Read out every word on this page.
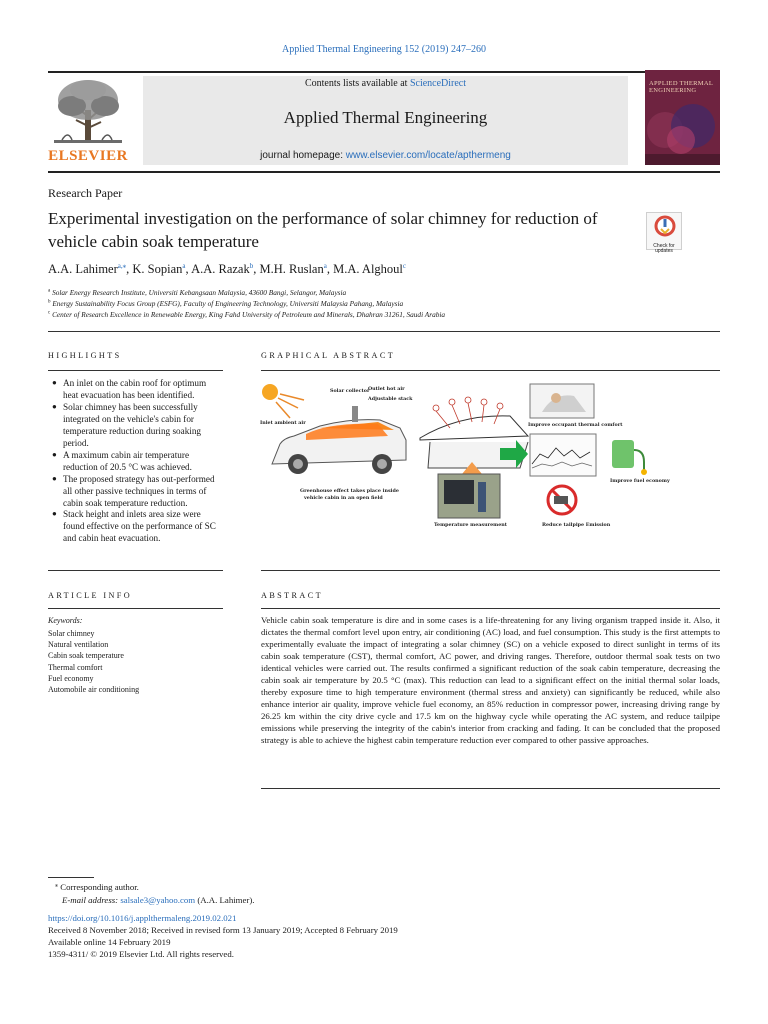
Applied Thermal Engineering 152 (2019) 247–260
ELSEVIER
Contents lists available at ScienceDirect
Applied Thermal Engineering
journal homepage: www.elsevier.com/locate/apthermeng
APPLIED THERMAL ENGINEERING
Research Paper
Experimental investigation on the performance of solar chimney for reduction of vehicle cabin soak temperature	Check for updates
A.A. Lahimer$^{a,⁎}$, K. Sopian$^a$, A.A. Razak$^b$, M.H. Ruslan$^a$, M.A. Alghoul$^c$
$^a$ Solar Energy Research Institute, Universiti Kebangsaan Malaysia, 43600 Bangi, Selangor, Malaysia
$^b$ Energy Sustainability Focus Group (ESFG), Faculty of Engineering Technology, Universiti Malaysia Pahang, Malaysia
$^c$ Center of Research Excellence in Renewable Energy, King Fahd University of Petroleum and Minerals, Dhahran 31261, Saudi Arabia
HIGHLIGHTS
● An inlet on the cabin roof for optimum heat evacuation has been identified.
● Solar chimney has been successfully integrated on the vehicle's cabin for temperature reduction during soaking period.
● A maximum cabin air temperature reduction of 20.5 °C was achieved.
● The proposed strategy has out-performed all other passive techniques in terms of cabin soak temperature reduction.
● Stack height and inlets area size were found effective on the performance of SC and cabin heat evacuation.
GRAPHICAL ABSTRACT
Solar collector
Outlet hot air
Adjustable stack
Inlet ambient air
Greenhouse effect takes place inside
vehicle cabin in an open field
Temperature measurement
Improve occupant thermal comfort
Improve fuel economy
Reduce tailpipe Emission
ARTICLE INFO
Keywords:
Solar chimney
Natural ventilation
Cabin soak temperature
Thermal comfort
Fuel economy
Automobile air conditioning
ABSTRACT
Vehicle cabin soak temperature is dire and in some cases is a life-threatening for any living organism trapped inside it. Also, it dictates the thermal comfort level upon entry, air conditioning (AC) load, and fuel consumption. This study is the first attempts to experimentally evaluate the impact of integrating a solar chimney (SC) on a vehicle exposed to direct sunlight in terms of its cabin soak temperature (CST), thermal comfort, AC power, and driving ranges. Therefore, outdoor thermal soak tests on two identical vehicles were carried out. The results confirmed a significant reduction of the soak cabin temperature, decreasing the cabin soak air temperature by 20.5 °C (max). This reduction can lead to a significant effect on the initial thermal solar loads, thereby exposure time to high temperature environment (thermal stress and anxiety) can significantly be reduced, while also enhance interior air quality, improve vehicle fuel economy, an 85% reduction in compressor power, increasing driving range by 26.25 km within the city drive cycle and 17.5 km on the highway cycle while operating the AC system, and reduce tailpipe emissions while preserving the integrity of the cabin's interior from cracking and fading. It can be concluded that the proposed strategy is able to achieve the highest cabin temperature reduction ever compared to other passive approaches.
⁎ Corresponding author.
E-mail address: salsale3@yahoo.com (A.A. Lahimer).
https://doi.org/10.1016/j.applthermaleng.2019.02.021
Received 8 November 2018; Received in revised form 13 January 2019; Accepted 8 February 2019
Available online 14 February 2019
1359-4311/ © 2019 Elsevier Ltd. All rights reserved.
